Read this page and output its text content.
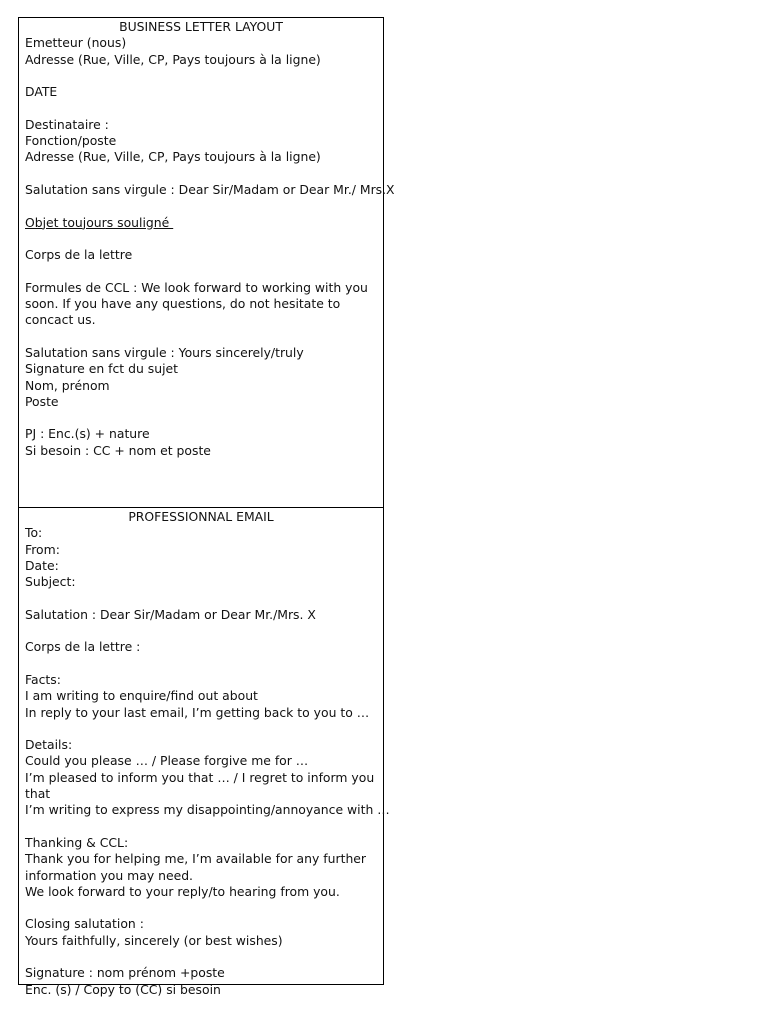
BUSINESS LETTER LAYOUT
Emetteur (nous)
Adresse (Rue, Ville, CP, Pays toujours à la ligne)
DATE
Destinataire :
Fonction/poste
Adresse (Rue, Ville, CP, Pays toujours à la ligne)
Salutation sans virgule : Dear Sir/Madam or Dear Mr./ Mrs.X
Objet toujours souligné
Corps de la lettre
Formules de CCL : We look forward to working with you soon. If you have any questions, do not hesitate to concact us.
Salutation sans virgule : Yours sincerely/truly
Signature en fct du sujet
Nom, prénom
Poste
PJ : Enc.(s) + nature
Si besoin : CC + nom et poste
PROFESSIONNAL EMAIL
To:
From:
Date:
Subject:
Salutation : Dear Sir/Madam or Dear Mr./Mrs. X
Corps de la lettre :
Facts:
I am writing to enquire/find out about
In reply to your last email, I’m getting back to you to …
Details:
Could you please … / Please forgive me for …
I’m pleased to inform you that … / I regret to inform you that
I’m writing to express my disappointing/annoyance with …
Thanking & CCL:
Thank you for helping me, I’m available for any further information you may need.
We look forward to your reply/to hearing from you.
Closing salutation :
Yours faithfully, sincerely (or best wishes)
Signature : nom prénom +poste
Enc. (s) / Copy to (CC) si besoin
